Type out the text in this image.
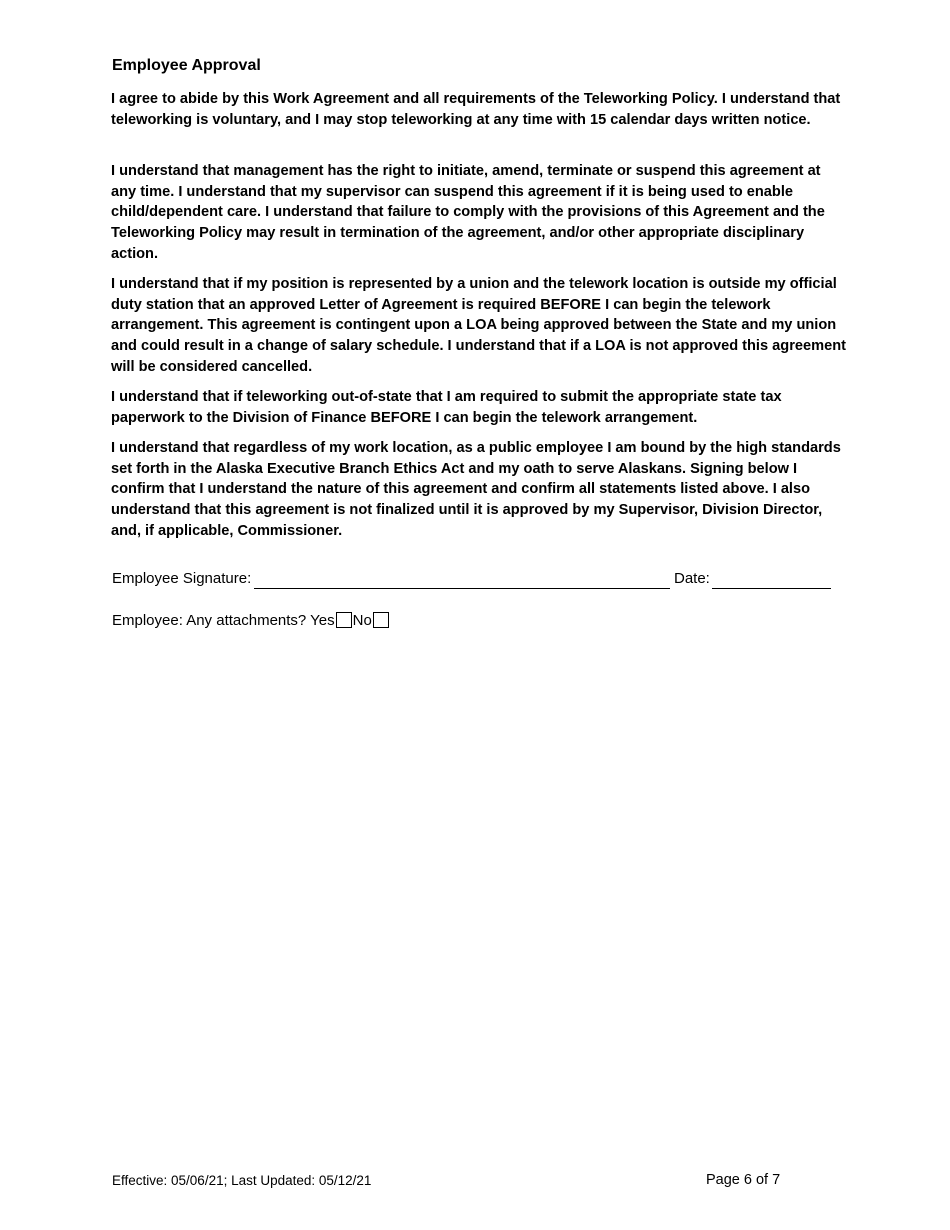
Employee Approval

I agree to abide by this Work Agreement and all requirements of the Teleworking Policy. I understand that teleworking is voluntary, and I may stop teleworking at any time with 15 calendar days written notice.

I understand that management has the right to initiate, amend, terminate or suspend this agreement at any time. I understand that my supervisor can suspend this agreement if it is being used to enable child/dependent care. I understand that failure to comply with the provisions of this Agreement and the Teleworking Policy may result in termination of the agreement, and/or other appropriate disciplinary action.

I understand that if my position is represented by a union and the telework location is outside my official duty station that an approved Letter of Agreement is required BEFORE I can begin the telework arrangement. This agreement is contingent upon a LOA being approved between the State and my union and could result in a change of salary schedule. I understand that if a LOA is not approved this agreement will be considered cancelled.

I understand that if teleworking out-of-state that I am required to submit the appropriate state tax paperwork to the Division of Finance BEFORE I can begin the telework arrangement.

I understand that regardless of my work location, as a public employee I am bound by the high standards set forth in the Alaska Executive Branch Ethics Act and my oath to serve Alaskans. Signing below I confirm that I understand the nature of this agreement and confirm all statements listed above. I also understand that this agreement is not finalized until it is approved by my Supervisor, Division Director, and, if applicable, Commissioner.

Employee Signature:	Date:
Employee: Any attachments? Yes No
Effective: 05/06/21; Last Updated: 05/12/21	Page 6 of 7
